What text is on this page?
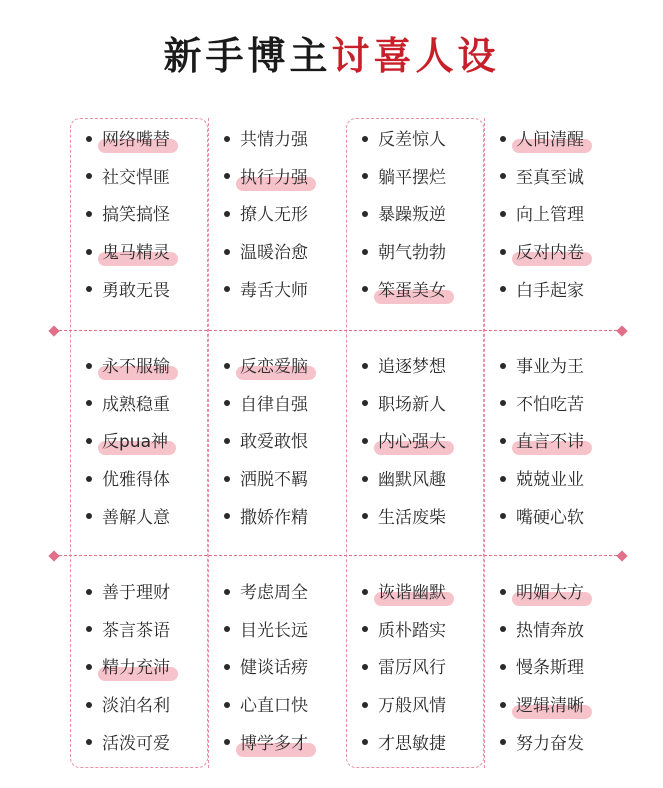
新手博主讨喜人设
网络嘴替
社交悍匪
搞笑搞怪
鬼马精灵
勇敢无畏
共情力强
执行力强
撩人无形
温暖治愈
毒舌大师
反差惊人
躺平摆烂
暴躁叛逆
朝气勃勃
笨蛋美女
人间清醒
至真至诚
向上管理
反对内卷
白手起家
永不服输
成熟稳重
反pua神
优雅得体
善解人意
反恋爱脑
自律自强
敢爱敢恨
洒脱不羁
撒娇作精
追逐梦想
职场新人
内心强大
幽默风趣
生活废柴
事业为王
不怕吃苦
直言不讳
兢兢业业
嘴硬心软
善于理财
茶言茶语
精力充沛
淡泊名利
活泼可爱
考虑周全
目光长远
健谈话痨
心直口快
博学多才
诙谐幽默
质朴踏实
雷厉风行
万般风情
才思敏捷
明媚大方
热情奔放
慢条斯理
逻辑清晰
努力奋发
